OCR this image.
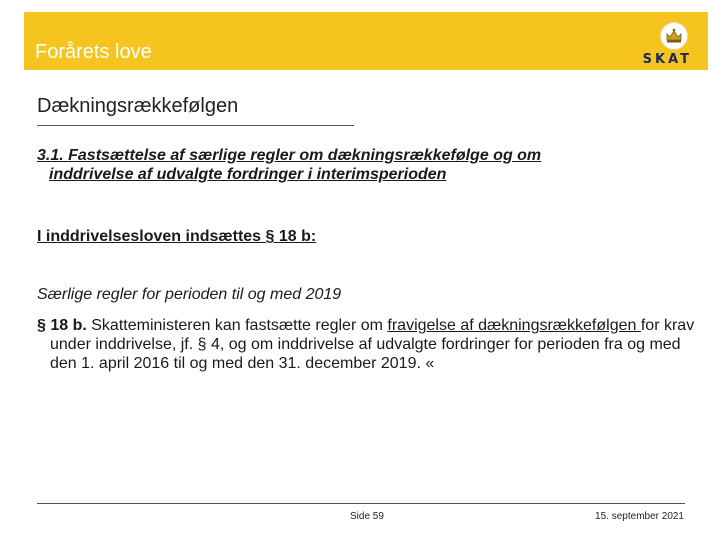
Forårets love	SKAT
Dækningsrækkefølgen
3.1. Fastsættelse af særlige regler om dækningsrækkefølge og om
inddrivelse af udvalgte fordringer i interimsperioden
I inddrivelsesloven indsættes § 18 b:
Særlige regler for perioden til og med 2019
§ 18 b. Skatteministeren kan fastsætte regler om fravigelse af dækningsrækkefølgen for krav under inddrivelse, jf. § 4, og om inddrivelse af udvalgte fordringer for perioden fra og med den 1. april 2016 til og med den 31. december 2019. «
Side 59	15. september 2021
